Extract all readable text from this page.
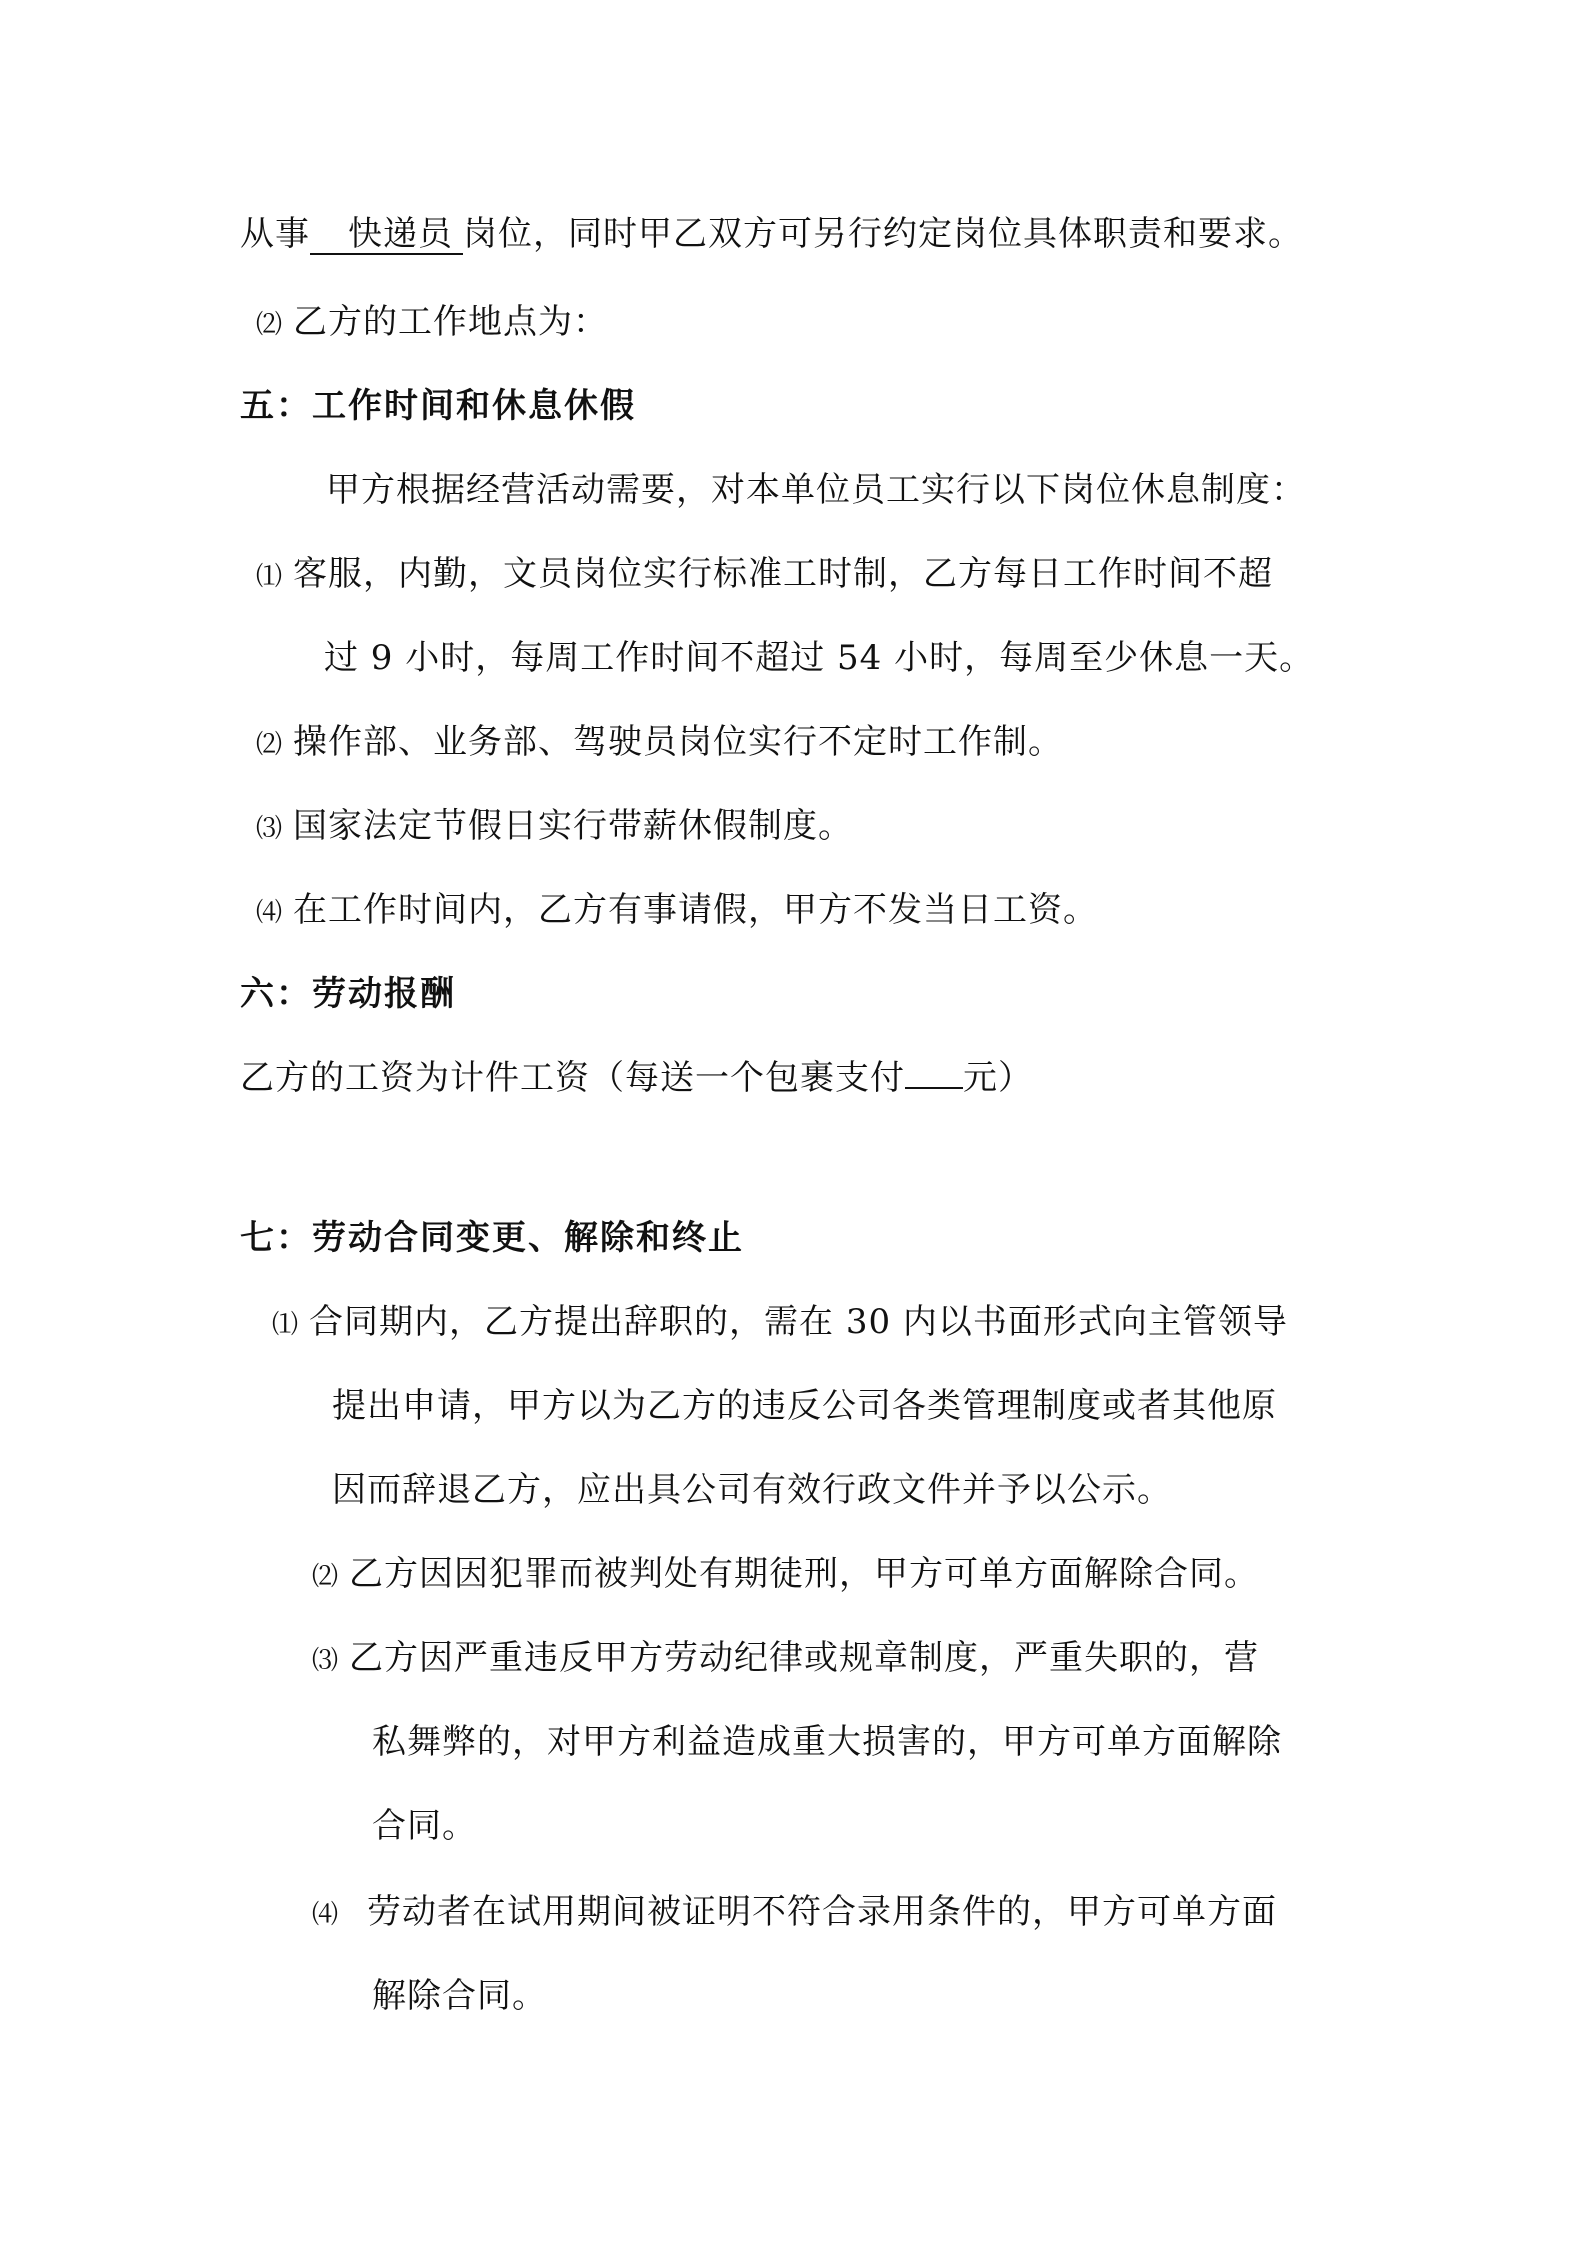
从事 快递员 岗位，同时甲乙双方可另行约定岗位具体职责和要求。
⑵ 乙方的工作地点为：
五：工作时间和休息休假
甲方根据经营活动需要，对本单位员工实行以下岗位休息制度：
⑴ 客服，内勤，文员岗位实行标准工时制，乙方每日工作时间不超
过 9 小时，每周工作时间不超过 54 小时，每周至少休息一天。
⑵ 操作部、业务部、驾驶员岗位实行不定时工作制。
⑶ 国家法定节假日实行带薪休假制度。
⑷ 在工作时间内，乙方有事请假，甲方不发当日工资。
六：劳动报酬
乙方的工资为计件工资（每送一个包裹支付 元）
七：劳动合同变更、解除和终止
⑴ 合同期内，乙方提出辞职的，需在 30 内以书面形式向主管领导
提出申请，甲方以为乙方的违反公司各类管理制度或者其他原
因而辞退乙方，应出具公司有效行政文件并予以公示。
⑵ 乙方因因犯罪而被判处有期徒刑，甲方可单方面解除合同。
⑶ 乙方因严重违反甲方劳动纪律或规章制度，严重失职的，营
私舞弊的，对甲方利益造成重大损害的，甲方可单方面解除
合同。
⑷ 劳动者在试用期间被证明不符合录用条件的，甲方可单方面
解除合同。
